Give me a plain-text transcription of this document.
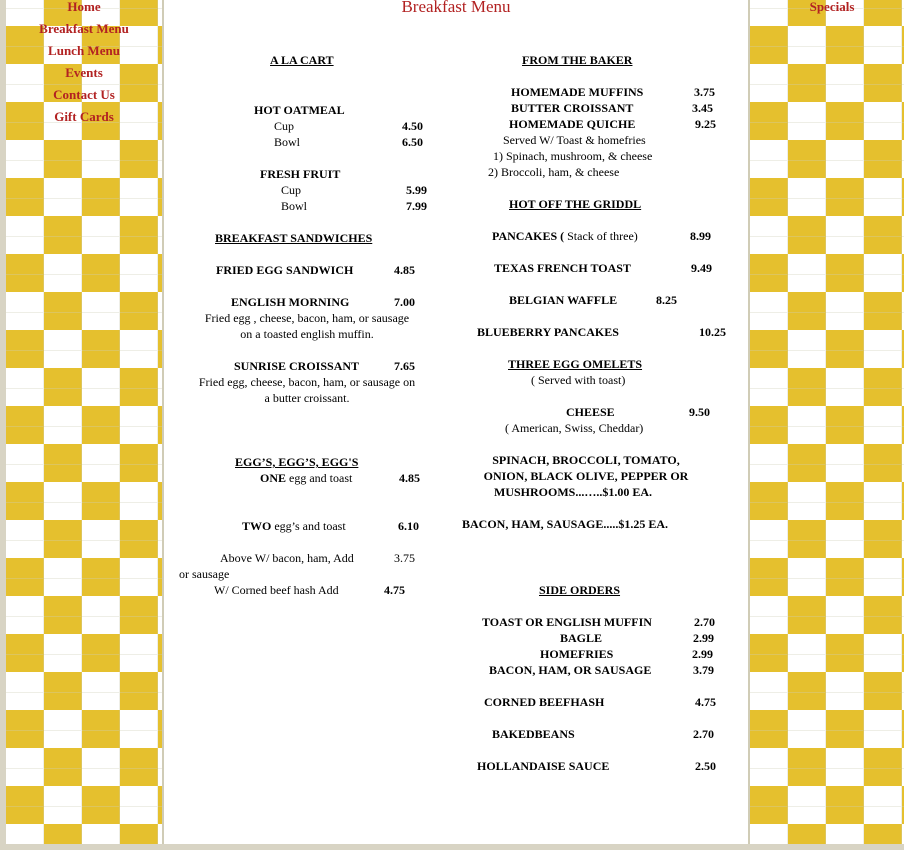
Home
Breakfast Menu
Lunch Menu
Events
Contact Us
Gift Cards
Specials
Breakfast Menu
A LA CART
HOT OATMEAL
Cup	4.50
Bowl	6.50
FRESH FRUIT
Cup	5.99
Bowl	7.99
BREAKFAST SANDWICHES
FRIED EGG SANDWICH	4.85
ENGLISH MORNING	7.00
Fried egg , cheese, bacon, ham, or sausage
on a toasted english muffin.
SUNRISE CROISSANT	7.65
Fried egg, cheese, bacon, ham, or sausage on
a butter croissant.
EGG’S, EGG’S, EGG'S
ONE egg and toast	4.85
TWO egg’s and toast	6.10
Above W/ bacon, ham, Add	3.75
or sausage
W/ Corned beef hash Add	4.75
FROM THE BAKER
HOMEMADE MUFFINS	3.75
BUTTER CROISSANT	3.45
HOMEMADE QUICHE	9.25
Served W/ Toast & homefries
1) Spinach, mushroom, & cheese
2) Broccoli, ham, & cheese
HOT OFF THE GRIDDL
PANCAKES ( Stack of three)	8.99
TEXAS FRENCH TOAST	9.49
BELGIAN WAFFLE	8.25
BLUEBERRY PANCAKES	10.25
THREE EGG OMELETS
( Served with toast)
CHEESE	9.50
( American, Swiss, Cheddar)
SPINACH, BROCCOLI, TOMATO,
ONION, BLACK OLIVE, PEPPER OR
MUSHROOMS...…..$1.00 EA.
BACON, HAM, SAUSAGE.....$1.25 EA.
SIDE ORDERS
TOAST OR ENGLISH MUFFIN	2.70
BAGLE	2.99
HOMEFRIES	2.99
BACON, HAM, OR SAUSAGE	3.79
CORNED BEEFHASH	4.75
BAKEDBEANS	2.70
HOLLANDAISE SAUCE	2.50
